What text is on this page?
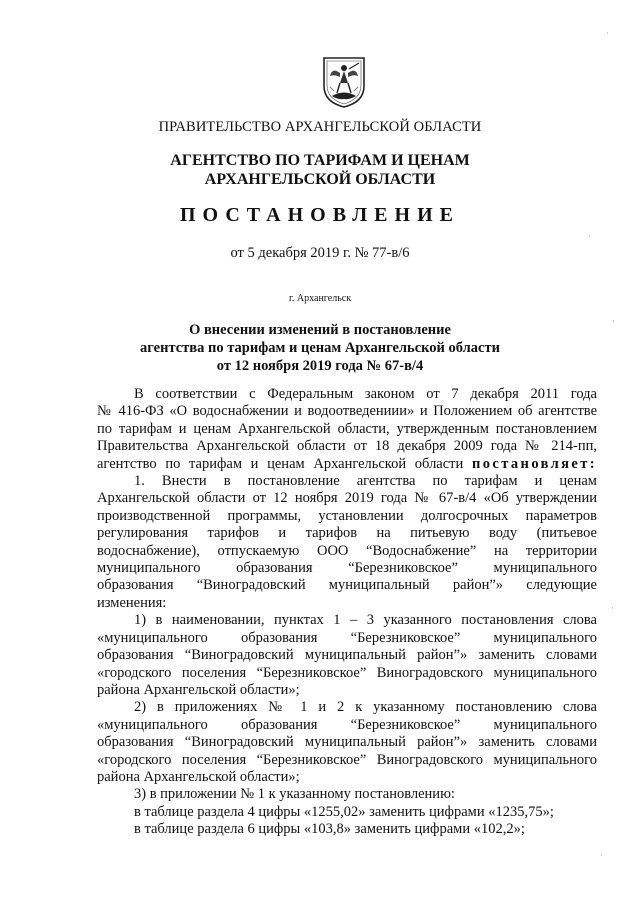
ПРАВИТЕЛЬСТВО АРХАНГЕЛЬСКОЙ ОБЛАСТИ
АГЕНТСТВО ПО ТАРИФАМ И ЦЕНАМ
АРХАНГЕЛЬСКОЙ ОБЛАСТИ
ПОСТАНОВЛЕНИЕ
от 5 декабря 2019 г. № 77-в/6
г. Архангельск
О внесении изменений в постановление
агентства по тарифам и ценам Архангельской области
от 12 ноября 2019 года № 67-в/4

В соответствии с Федеральным законом от 7 декабря 2011 года

№ 416-ФЗ «О водоснабжении и водоотведениии» и Положением об агентстве

по тарифам и ценам Архангельской области, утвержденным постановлением

Правительства Архангельской области от 18 декабря 2009 года № 214-пп,

агентство по тарифам и ценам Архангельской области постановляет:

1. Внести в постановление агентства по тарифам и ценам

Архангельской области от 12 ноября 2019 года № 67-в/4 «Об утверждении

производственной программы, установлении долгосрочных параметров

регулирования тарифов и тарифов на питьевую воду (питьевое

водоснабжение), отпускаемую ООО “Водоснабжение” на территории

муниципального образования “Березниковское” муниципального

образования “Виноградовский муниципальный район”» следующие

изменения:

1) в наименовании, пунктах 1 – 3 указанного постановления слова

«муниципального образования “Березниковское” муниципального

образования “Виноградовский муниципальный район”» заменить словами

«городского поселения “Березниковское” Виноградовского муниципального

района Архангельской области»;

2) в приложениях № 1 и 2 к указанному постановлению слова

«муниципального образования “Березниковское” муниципального

образования “Виноградовский муниципальный район”» заменить словами

«городского поселения “Березниковское” Виноградовского муниципального

района Архангельской области»;

3) в приложении № 1 к указанному постановлению:

в таблице раздела 4 цифры «1255,02» заменить цифрами «1235,75»;

в таблице раздела 6 цифры «103,8» заменить цифрами «102,2»;

·
·
·
·
·
